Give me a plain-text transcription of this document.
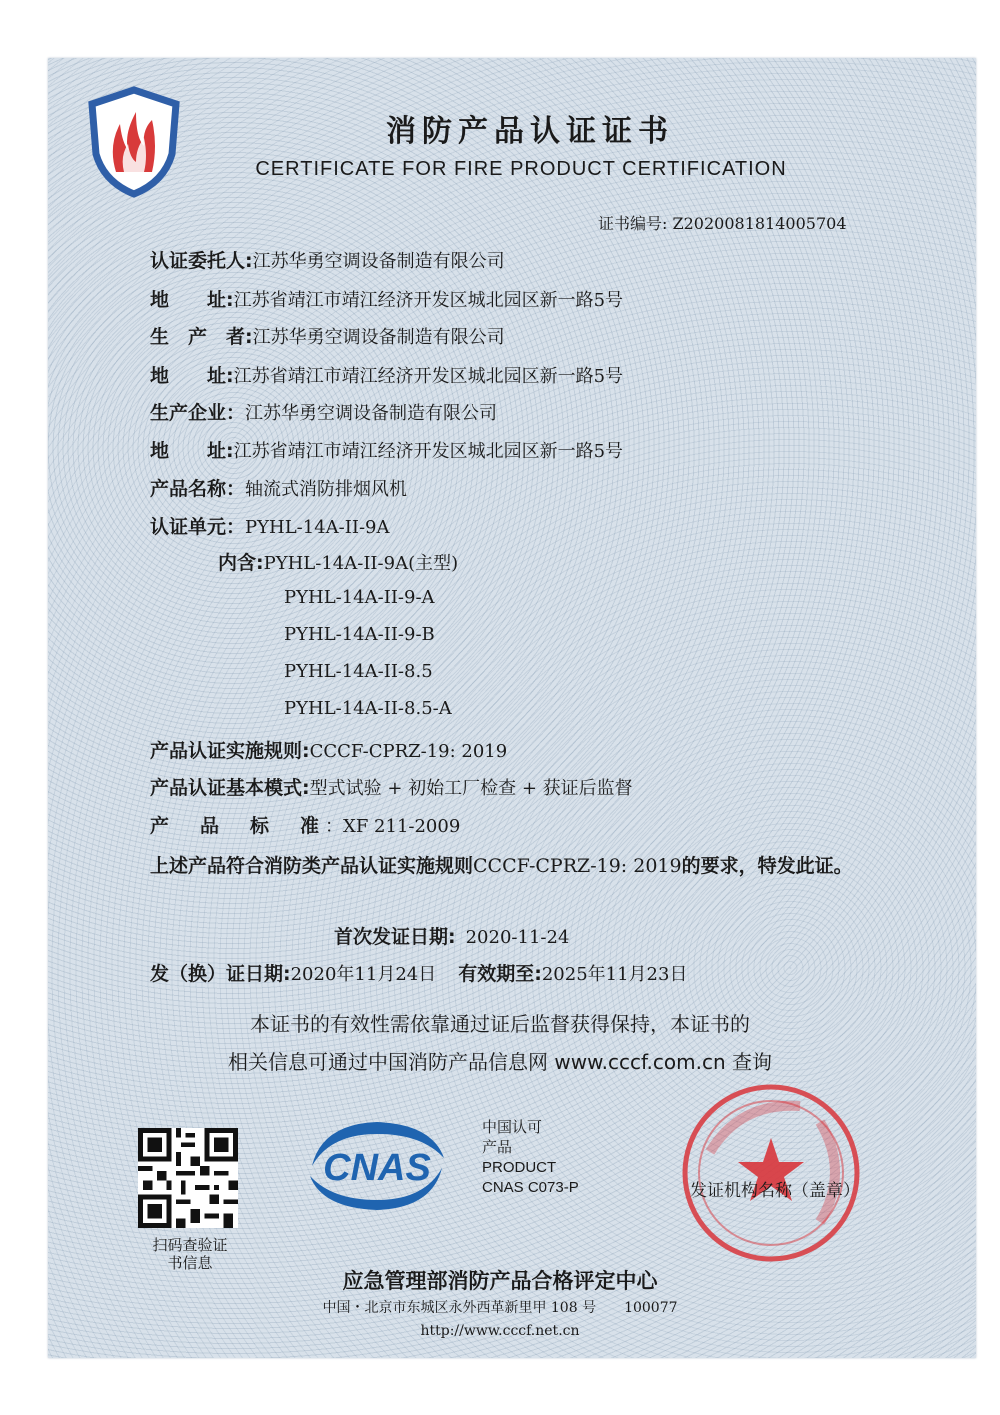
消防产品认证证书
CERTIFICATE FOR FIRE PRODUCT CERTIFICATION
证书编号: Z2020081814005704
认证委托人: 江苏华勇空调设备制造有限公司
地　　址: 江苏省靖江市靖江经济开发区城北园区新一路5号
生　产　者: 江苏华勇空调设备制造有限公司
地　　址: 江苏省靖江市靖江经济开发区城北园区新一路5号
生产企业： 江苏华勇空调设备制造有限公司
地　　址: 江苏省靖江市靖江经济开发区城北园区新一路5号
产品名称： 轴流式消防排烟风机
认证单元： PYHL-14A-II-9A
内含: PYHL-14A-II-9A(主型)
PYHL-14A-II-9-A
PYHL-14A-II-9-B
PYHL-14A-II-8.5
PYHL-14A-II-8.5-A
产品认证实施规则: CCCF-CPRZ-19: 2019
产品认证基本模式: 型式试验 + 初始工厂检查 + 获证后监督
产　品　标　准 ：XF 211-2009
上述产品符合消防类产品认证实施规则CCCF-CPRZ-19: 2019的要求，特发此证。
首次发证日期: 2020-11-24
发（换）证日期: 2020年11月24日 有效期至: 2025年11月23日
本证书的有效性需依靠通过证后监督获得保持，本证书的
相关信息可通过中国消防产品信息网 www.cccf.com.cn 查询
扫码查验证书信息
CNAS
中国认可
产品
PRODUCT
CNAS C073-P	发证机构名称（盖章）
应急管理部消防产品合格评定中心
中国・北京市东城区永外西革新里甲 108 号　　100077
http://www.cccf.net.cn
